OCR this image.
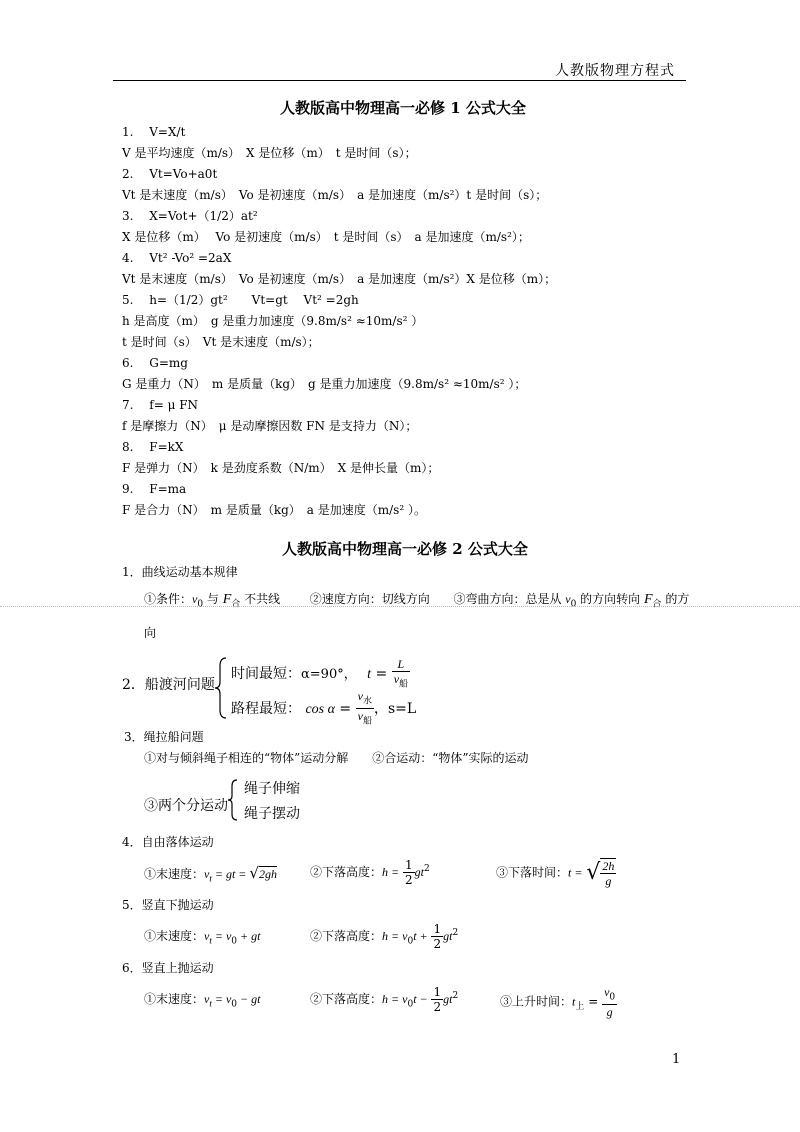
人教版物理方程式
人教版高中物理高一必修 1 公式大全
1.　 V=X/t
V 是平均速度（m/s）　X 是位移（m）　t 是时间（s）；
2.　 Vt=Vo+a0t
Vt 是末速度（m/s）　Vo 是初速度（m/s）　a 是加速度（m/s²）t 是时间（s）；
3.　 X=Vot+（1/2）at²
X 是位移（m）　 Vo 是初速度（m/s）　t 是时间（s）　a 是加速度（m/s²）；
4.　 Vt² -Vo² =2aX
Vt 是末速度（m/s）　Vo 是初速度（m/s）　a 是加速度（m/s²）X 是位移（m）；
5.　 h=（1/2）gt²　　Vt=gt　 Vt² =2gh
h 是高度（m）　g 是重力加速度（9.8m/s² ≈10m/s² ）
t 是时间（s）　Vt 是末速度（m/s）；
6.　 G=mg
G 是重力（N）　m 是质量（kg）　g 是重力加速度（9.8m/s² ≈10m/s² ）；
7.　 f= μ FN
f 是摩擦力（N）　μ 是动摩擦因数 FN 是支持力（N）；
8.　 F=kX
F 是弹力（N）　k 是劲度系数（N/m）　X 是伸长量（m）；
9.　 F=ma
F 是合力（N）　m 是质量（kg）　a 是加速度（m/s² ）。
人教版高中物理高一必修 2 公式大全
1．曲线运动基本规律
①条件：$v_0$ 与 $F_合$ 不共线 ②速度方向：切线方向 ③弯曲方向：总是从 $v_0$ 的方向转向 $F_合$ 的方
向
2．船渡河问题
时间最短：α=90°， $t = \frac{L}{v_船}$
路程最短： $\cos \alpha = \frac{v_水}{v_船}$ ，s=L
3．绳拉船问题
①对与倾斜绳子相连的“物体”运动分解　　②合运动：“物体”实际的运动
③两个分运动
绳子伸缩
绳子摆动
4．自由落体运动
①末速度：$v_t$ = gt = √2gh	②下落高度：$h = \frac{1}{2} gt^2$	③下落时间：t = √ $\frac{2h}{g}$
5．竖直下抛运动
①末速度：$v_t = v_0$ + gt	②下落高度：$h = v_0t + \frac{1}{2} gt^2$
6．竖直上抛运动
①末速度：$v_t = v_0$ − gt	②下落高度：$h = v_0t - \frac{1}{2} gt^2$	③上升时间：$t_上 = \frac{v_0}{g}$
1
